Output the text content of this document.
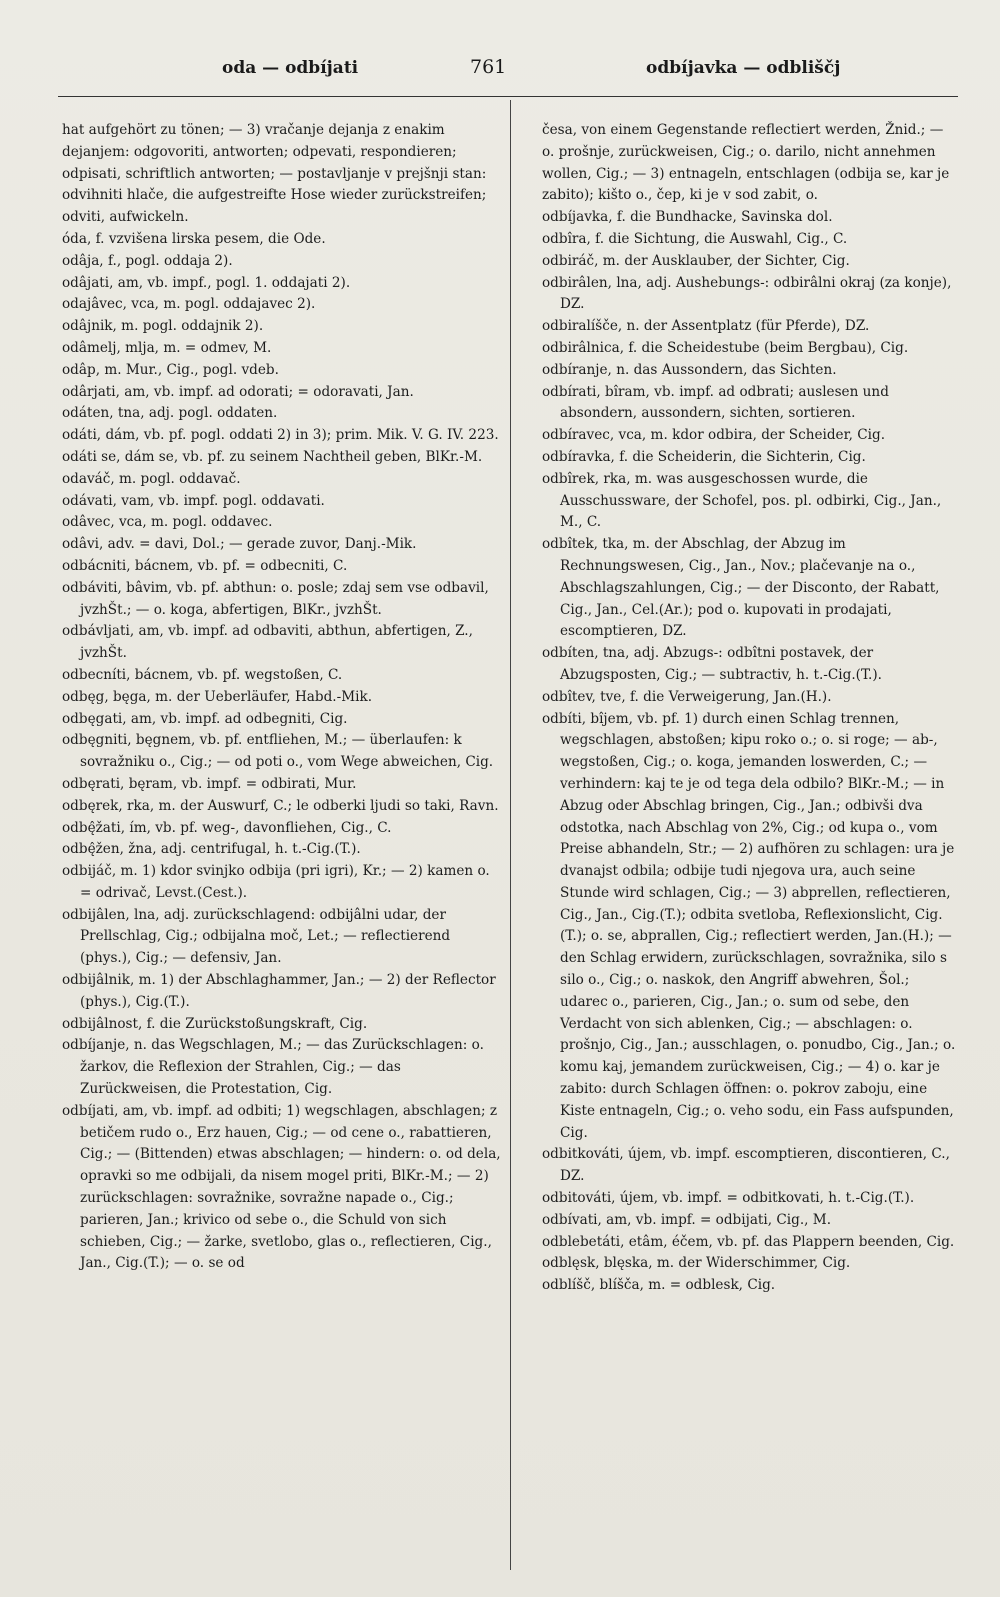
oda — odbíjati	761	odbíjavka — odbliščj

hat aufgehört zu tönen; — 3) vračanje dejanja z enakim dejanjem: odgovoriti, antworten; odpevati, respondieren; odpisati, schriftlich antworten; — postavljanje v prejšnji stan: odvihniti hlače, die aufgestreifte Hose wieder zurückstreifen; odviti, aufwickeln.

óda, f. vzvišena lirska pesem, die Ode.

odâja, f., pogl. oddaja 2).

odâjati, am, vb. impf., pogl. 1. oddajati 2).

odajâvec, vca, m. pogl. oddajavec 2).

odâjnik, m. pogl. oddajnik 2).

odâmelj, mlja, m. = odmev, M.

odâp, m. Mur., Cig., pogl. vdeb.

odârjati, am, vb. impf. ad odorati; = odoravati, Jan.

odáten, tna, adj. pogl. oddaten.

odáti, dám, vb. pf. pogl. oddati 2) in 3); prim. Mik. V. G. IV. 223.

odáti se, dám se, vb. pf. zu seinem Nachtheil geben, BlKr.-M.

odaváč, m. pogl. oddavač.

odávati, vam, vb. impf. pogl. oddavati.

odâvec, vca, m. pogl. oddavec.

odâvi, adv. = davi, Dol.; — gerade zuvor, Danj.-Mik.

odbácniti, bácnem, vb. pf. = odbecniti, C.

odbáviti, bâvim, vb. pf. abthun: o. posle; zdaj sem vse odbavil, jvzhŠt.; — o. koga, abfertigen, BlKr., jvzhŠt.

odbávljati, am, vb. impf. ad odbaviti, abthun, abfertigen, Z., jvzhŠt.

odbecníti, bácnem, vb. pf. wegstoßen, C.

odbęg, bęga, m. der Ueberläufer, Habd.-Mik.

odbęgati, am, vb. impf. ad odbegniti, Cig.

odbęgniti, bęgnem, vb. pf. entfliehen, M.; — überlaufen: k sovražniku o., Cig.; — od poti o., vom Wege abweichen, Cig.

odbęrati, bęram, vb. impf. = odbirati, Mur.

odbęrek, rka, m. der Auswurf, C.; le odberki ljudi so taki, Ravn.

odbę̂žati, ím, vb. pf. weg-, davonfliehen, Cig., C.

odbę̂žen, žna, adj. centrifugal, h. t.-Cig.(T.).

odbijáč, m. 1) kdor svinjko odbija (pri igri), Kr.; — 2) kamen o. = odrivač, Levst.(Cest.).

odbijâlen, lna, adj. zurückschlagend: odbijâlni udar, der Prellschlag, Cig.; odbijalna moč, Let.; — reflectierend (phys.), Cig.; — defensiv, Jan.

odbijâlnik, m. 1) der Abschlaghammer, Jan.; — 2) der Reflector (phys.), Cig.(T.).

odbijâlnost, f. die Zurückstoßungskraft, Cig.

odbíjanje, n. das Wegschlagen, M.; — das Zurückschlagen: o. žarkov, die Reflexion der Strahlen, Cig.; — das Zurückweisen, die Protestation, Cig.

odbíjati, am, vb. impf. ad odbiti; 1) wegschlagen, abschlagen; z betičem rudo o., Erz hauen, Cig.; — od cene o., rabattieren, Cig.; — (Bittenden) etwas abschlagen; — hindern: o. od dela, opravki so me odbijali, da nisem mogel priti, BlKr.-M.; — 2) zurückschlagen: sovražnike, sovražne napade o., Cig.; parieren, Jan.; krivico od sebe o., die Schuld von sich schieben, Cig.; — žarke, svetlobo, glas o., reflectieren, Cig., Jan., Cig.(T.); — o. se od

česa, von einem Gegenstande reflectiert werden, Žnid.; — o. prošnje, zurückweisen, Cig.; o. darilo, nicht annehmen wollen, Cig.; — 3) entnageln, entschlagen (odbija se, kar je zabito); kišto o., čep, ki je v sod zabit, o.

odbíjavka, f. die Bundhacke, Savinska dol.

odbîra, f. die Sichtung, die Auswahl, Cig., C.

odbiráč, m. der Ausklauber, der Sichter, Cig.

odbirâlen, lna, adj. Aushebungs-: odbirâlni okraj (za konje), DZ.

odbiralíšče, n. der Assentplatz (für Pferde), DZ.

odbirâlnica, f. die Scheidestube (beim Bergbau), Cig.

odbíranje, n. das Aussondern, das Sichten.

odbírati, bîram, vb. impf. ad odbrati; auslesen und absondern, aussondern, sichten, sortieren.

odbíravec, vca, m. kdor odbira, der Scheider, Cig.

odbíravka, f. die Scheiderin, die Sichterin, Cig.

odbîrek, rka, m. was ausgeschossen wurde, die Ausschussware, der Schofel, pos. pl. odbirki, Cig., Jan., M., C.

odbîtek, tka, m. der Abschlag, der Abzug im Rechnungswesen, Cig., Jan., Nov.; plačevanje na o., Abschlagszahlungen, Cig.; — der Disconto, der Rabatt, Cig., Jan., Cel.(Ar.); pod o. kupovati in prodajati, escomptieren, DZ.

odbíten, tna, adj. Abzugs-: odbîtni postavek, der Abzugsposten, Cig.; — subtractiv, h. t.-Cig.(T.).

odbîtev, tve, f. die Verweigerung, Jan.(H.).

odbíti, bîjem, vb. pf. 1) durch einen Schlag trennen, wegschlagen, abstoßen; kipu roko o.; o. si roge; — ab-, wegstoßen, Cig.; o. koga, jemanden loswerden, C.; — verhindern: kaj te je od tega dela odbilo? BlKr.-M.; — in Abzug oder Abschlag bringen, Cig., Jan.; odbivši dva odstotka, nach Abschlag von 2%, Cig.; od kupa o., vom Preise abhandeln, Str.; — 2) aufhören zu schlagen: ura je dvanajst odbila; odbije tudi njegova ura, auch seine Stunde wird schlagen, Cig.; — 3) abprellen, reflectieren, Cig., Jan., Cig.(T.); odbita svetloba, Reflexionslicht, Cig.(T.); o. se, abprallen, Cig.; reflectiert werden, Jan.(H.); — den Schlag erwidern, zurückschlagen, sovražnika, silo s silo o., Cig.; o. naskok, den Angriff abwehren, Šol.; udarec o., parieren, Cig., Jan.; o. sum od sebe, den Verdacht von sich ablenken, Cig.; — abschlagen: o. prošnjo, Cig., Jan.; ausschlagen, o. ponudbo, Cig., Jan.; o. komu kaj, jemandem zurückweisen, Cig.; — 4) o. kar je zabito: durch Schlagen öffnen: o. pokrov zaboju, eine Kiste entnageln, Cig.; o. veho sodu, ein Fass aufspunden, Cig.

odbitkováti, újem, vb. impf. escomptieren, discontieren, C., DZ.

odbitováti, újem, vb. impf. = odbitkovati, h. t.-Cig.(T.).

odbívati, am, vb. impf. = odbijati, Cig., M.

odblebetáti, etâm, éčem, vb. pf. das Plappern beenden, Cig.

odblęsk, blęska, m. der Widerschimmer, Cig.

odblíšč, blíšča, m. = odblesk, Cig.
